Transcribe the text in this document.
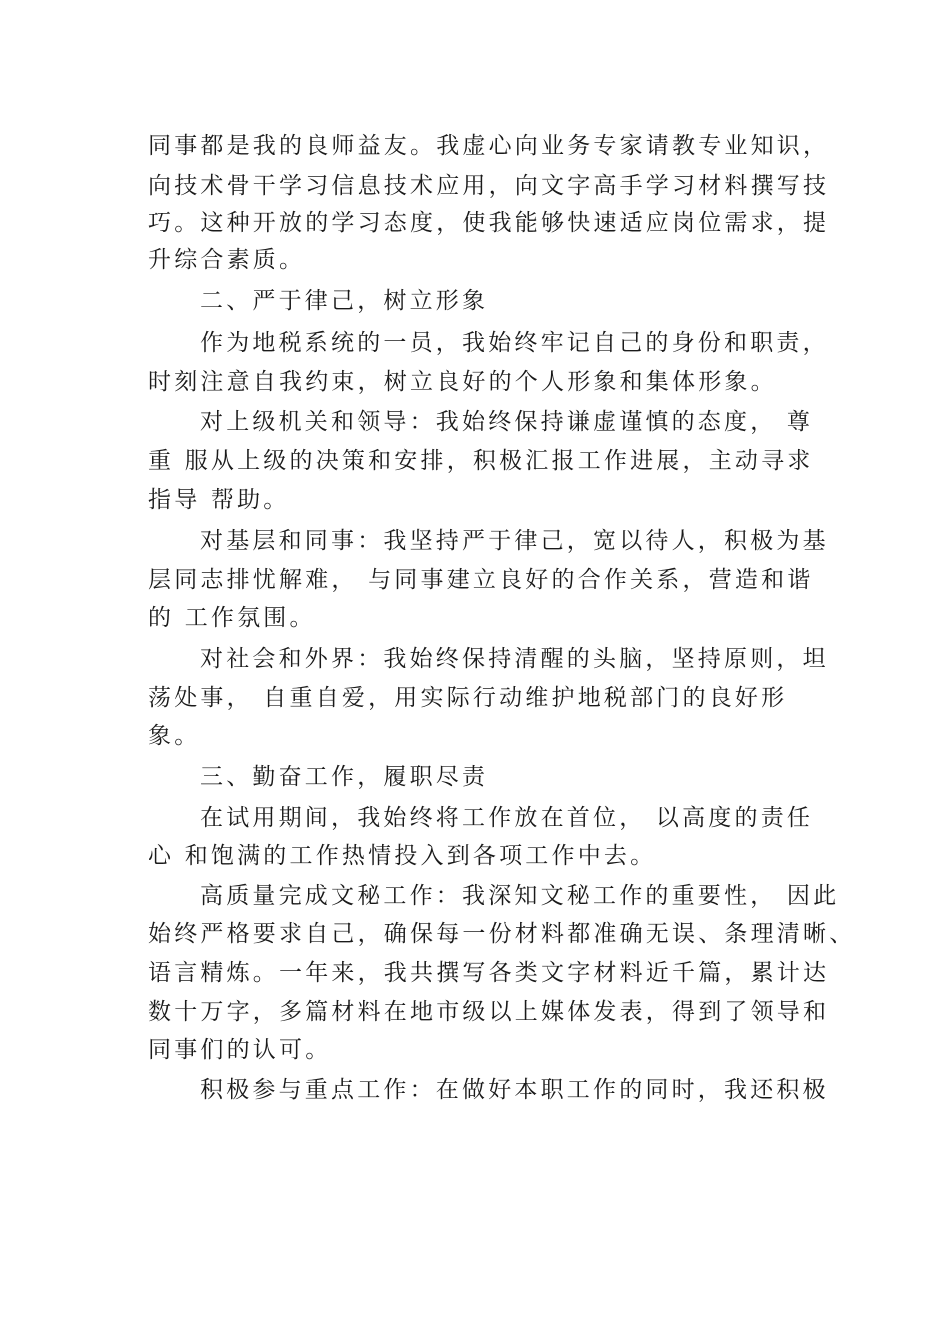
同事都是我的良师益友。我虚心向业务专家请教专业知识，
向技术骨干学习信息技术应用，向文字高手学习材料撰写技
巧。这种开放的学习态度，使我能够快速适应岗位需求，提
升综合素质。
二、严于律己，树立形象
作为地税系统的一员，我始终牢记自己的身份和职责，
时刻注意自我约束，树立良好的个人形象和集体形象。
对上级机关和领导：我始终保持谦虚谨慎的态度， 尊
重 服从上级的决策和安排，积极汇报工作进展，主动寻求
指导 帮助。
对基层和同事：我坚持严于律己，宽以待人，积极为基
层同志排忧解难， 与同事建立良好的合作关系，营造和谐
的 工作氛围。
对社会和外界：我始终保持清醒的头脑，坚持原则，坦
荡处事， 自重自爱，用实际行动维护地税部门的良好形
象。
三、勤奋工作，履职尽责
在试用期间，我始终将工作放在首位， 以高度的责任
心 和饱满的工作热情投入到各项工作中去。
高质量完成文秘工作：我深知文秘工作的重要性， 因此
始终严格要求自己，确保每一份材料都准确无误、条理清晰、
语言精炼。一年来，我共撰写各类文字材料近千篇，累计达
数十万字，多篇材料在地市级以上媒体发表，得到了领导和
同事们的认可。
积极参与重点工作：在做好本职工作的同时，我还积极
